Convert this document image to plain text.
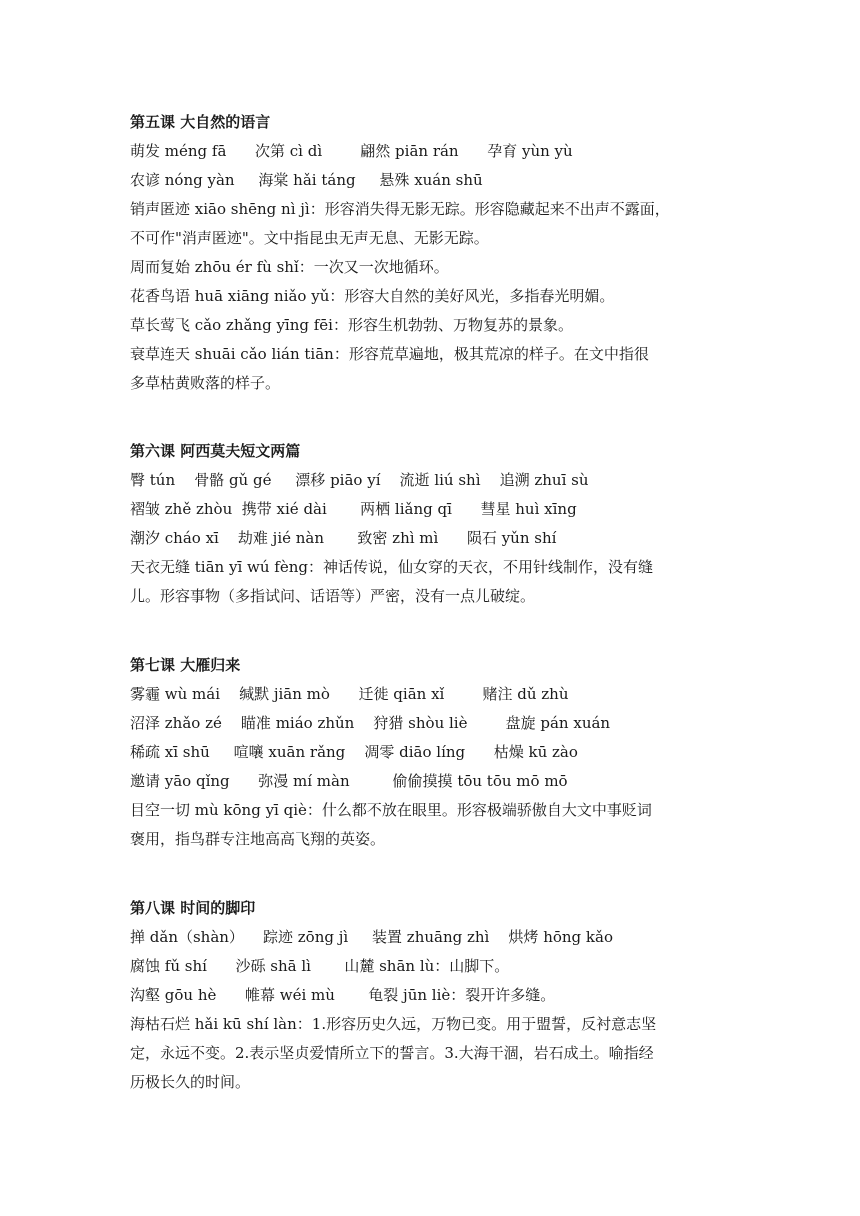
第五课 大自然的语言
萌发 méng fā      次第 cì dì        翩然 piān rán      孕育 yùn yù
农谚 nóng yàn     海棠 hǎi táng     悬殊 xuán shū
销声匿迹 xiāo shēng nì jì：形容消失得无影无踪。形容隐藏起来不出声不露面，
不可作"消声匿迹"。文中指昆虫无声无息、无影无踪。
周而复始 zhōu ér fù shǐ：一次又一次地循环。
花香鸟语 huā xiāng niǎo yǔ：形容大自然的美好风光，多指春光明媚。
草长莺飞 cǎo zhǎng yīng fēi：形容生机勃勃、万物复苏的景象。
衰草连天 shuāi cǎo lián tiān：形容荒草遍地，极其荒凉的样子。在文中指很
多草枯黄败落的样子。
第六课 阿西莫夫短文两篇
臀 tún    骨骼 gǔ gé     漂移 piāo yí    流逝 liú shì    追溯 zhuī sù
褶皱 zhě zhòu  携带 xié dài       两栖 liǎng qī      彗星 huì xīng
潮汐 cháo xī    劫难 jié nàn       致密 zhì mì      陨石 yǔn shí
天衣无缝 tiān yī wú fèng：神话传说，仙女穿的天衣，不用针线制作，没有缝
儿。形容事物（多指试问、话语等）严密，没有一点儿破绽。
第七课 大雁归来
雾霾 wù mái    缄默 jiān mò      迁徙 qiān xǐ        赌注 dǔ zhù
沼泽 zhǎo zé    瞄准 miáo zhǔn    狩猎 shòu liè        盘旋 pán xuán
稀疏 xī shū     喧嚷 xuān rǎng    凋零 diāo líng      枯燥 kū zào
邀请 yāo qǐng      弥漫 mí màn         偷偷摸摸 tōu tōu mō mō
目空一切 mù kōng yī qiè：什么都不放在眼里。形容极端骄傲自大文中事贬词
褒用，指鸟群专注地高高飞翔的英姿。
第八课 时间的脚印
掸 dǎn（shàn）    踪迹 zōng jì     装置 zhuāng zhì    烘烤 hōng kǎo
腐蚀 fǔ shí      沙砾 shā lì       山麓 shān lù：山脚下。
沟壑 gōu hè      帷幕 wéi mù       龟裂 jūn liè：裂开许多缝。
海枯石烂 hǎi kū shí làn：1.形容历史久远，万物已变。用于盟誓，反衬意志坚
定，永远不变。2.表示坚贞爱情所立下的誓言。3.大海干涸，岩石成土。喻指经
历极长久的时间。
